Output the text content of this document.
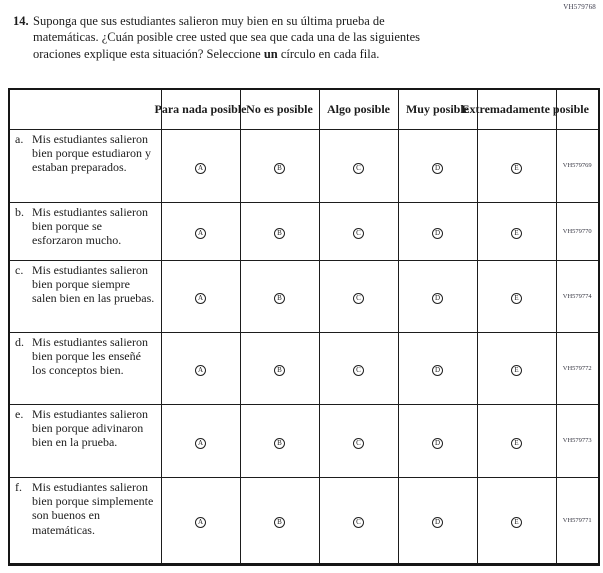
VH579768
14. Suponga que sus estudiantes salieron muy bien en su última prueba de
matemáticas. ¿Cuán posible cree usted que sea que cada una de las siguientes
oraciones explique esta situación? Seleccione un círculo en cada fila.

	Para nada posible	No es posible	Algo posible	Muy posible	Extremadamente posible	

a. Mis estudiantes salieron bien porque estudiaron y estaban preparados.	A	B	C	D	E	VH579769

b. Mis estudiantes salieron bien porque se esforzaron mucho.	A	B	C	D	E	VH579770

c. Mis estudiantes salieron bien porque siempre salen bien en las pruebas.	A	B	C	D	E	VH579774

d. Mis estudiantes salieron bien porque les enseñé los conceptos bien.	A	B	C	D	E	VH579772

e. Mis estudiantes salieron bien porque adivinaron bien en la prueba.	A	B	C	D	E	VH579773

f. Mis estudiantes salieron bien porque simplemente son buenos en matemáticas.	A	B	C	D	E	VH579771
